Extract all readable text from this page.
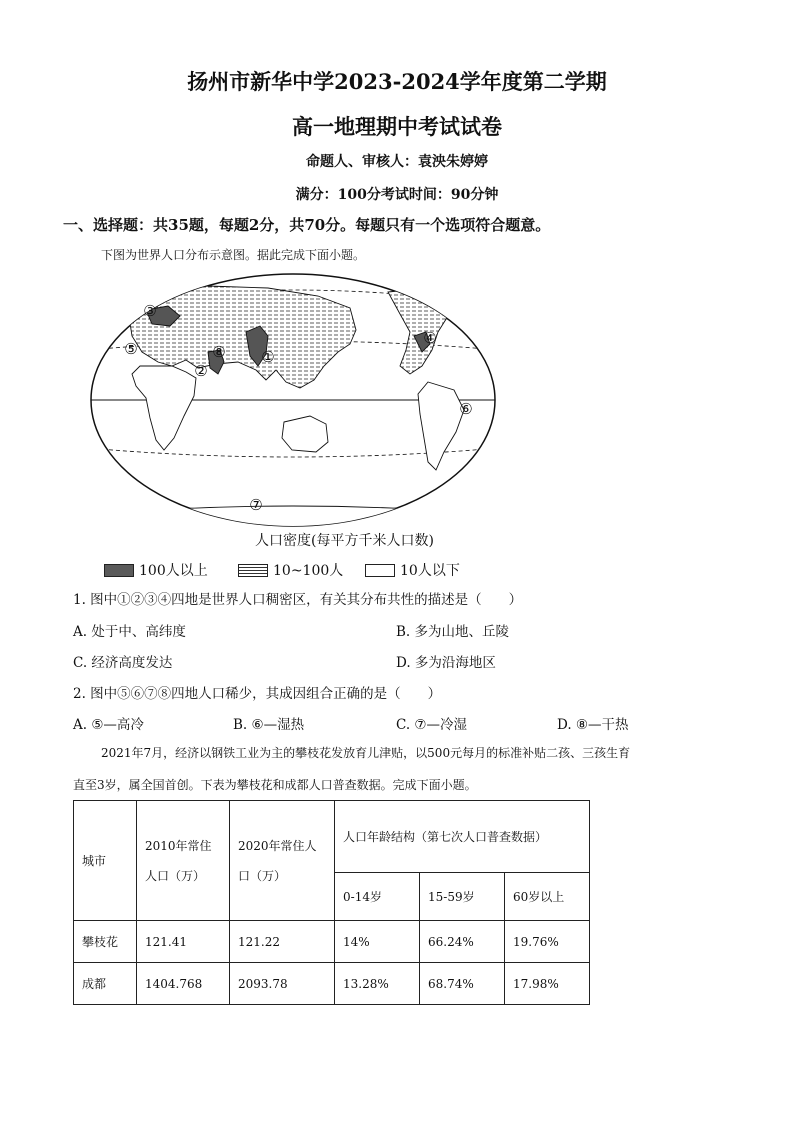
扬州市新华中学2023-2024学年度第二学期
高一地理期中考试试卷
命题人、审核人：袁泱朱婷婷
满分：100分考试时间：90分钟
一、选择题：共35题，每题2分，共70分。每题只有一个选项符合题意。
下图为世界人口分布示意图。据此完成下面小题。
①
②
③
④
⑤
⑥
⑦
⑧
人口密度(每平方千米人口数)
100人以上	10~100人	10人以下
1. 图中①②③④四地是世界人口稠密区，有关其分布共性的描述是（　　）
A. 处于中、高纬度	B. 多为山地、丘陵
C. 经济高度发达	D. 多为沿海地区
2. 图中⑤⑥⑦⑧四地人口稀少，其成因组合正确的是（　　）
A. ⑤—高冷	B. ⑥—湿热	C. ⑦—冷湿	D. ⑧—干热
2021年7月，经济以钢铁工业为主的攀枝花发放育儿津贴，以500元每月的标准补贴二孩、三孩生育
直至3岁，属全国首创。下表为攀枝花和成都人口普查数据。完成下面小题。
城市	2010年常住人口（万）	2020年常住人口（万）	人口年龄结构（第七次人口普查数据）		
			0-14岁	15-59岁	60岁以上
攀枝花	121.41	121.22	14%	66.24%	19.76%
成都	1404.768	2093.78	13.28%	68.74%	17.98%
